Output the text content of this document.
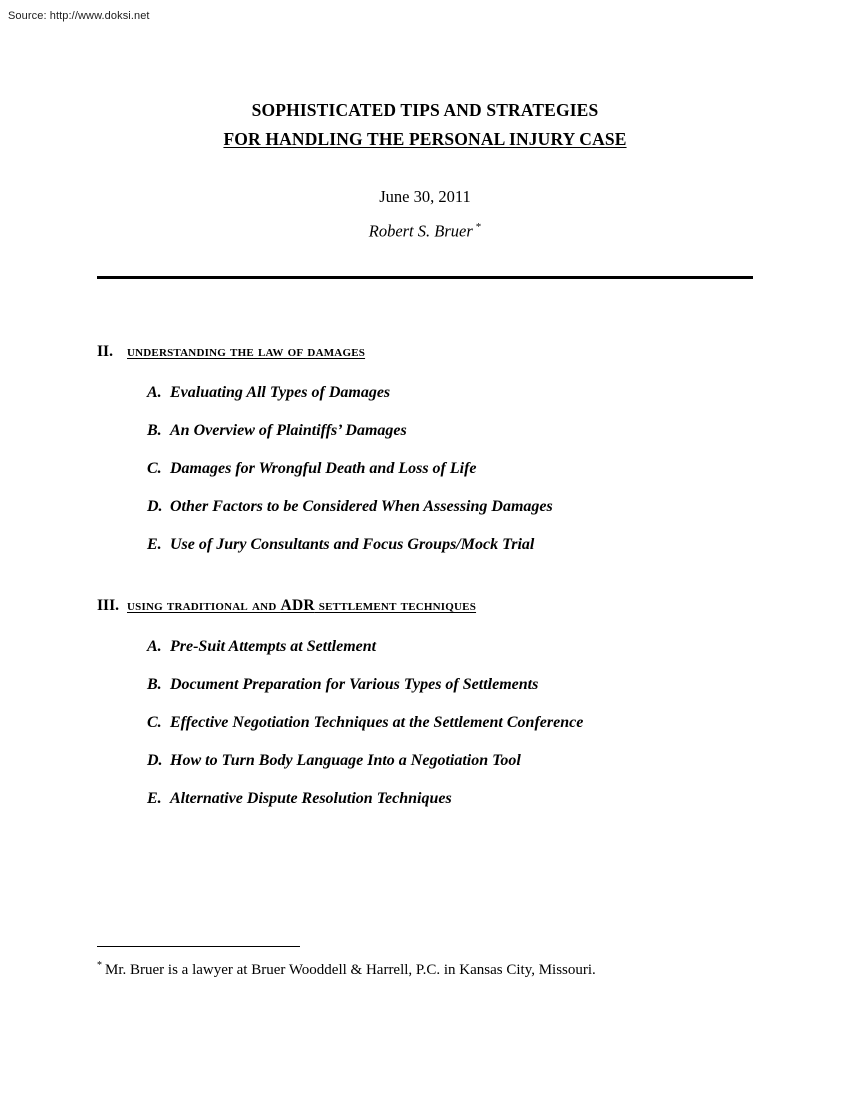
Source: http://www.doksi.net
SOPHISTICATED TIPS AND STRATEGIES
FOR HANDLING THE PERSONAL INJURY CASE
June 30, 2011
Robert S. Bruer *
II. understanding the law of damages
A. Evaluating All Types of Damages
B. An Overview of Plaintiffs’ Damages
C. Damages for Wrongful Death and Loss of Life
D. Other Factors to be Considered When Assessing Damages
E. Use of Jury Consultants and Focus Groups/Mock Trial
III. using traditional and ADR settlement techniques
A. Pre-Suit Attempts at Settlement
B. Document Preparation for Various Types of Settlements
C. Effective Negotiation Techniques at the Settlement Conference
D. How to Turn Body Language Into a Negotiation Tool
E. Alternative Dispute Resolution Techniques
* Mr. Bruer is a lawyer at Bruer Wooddell & Harrell, P.C. in Kansas City, Missouri.
